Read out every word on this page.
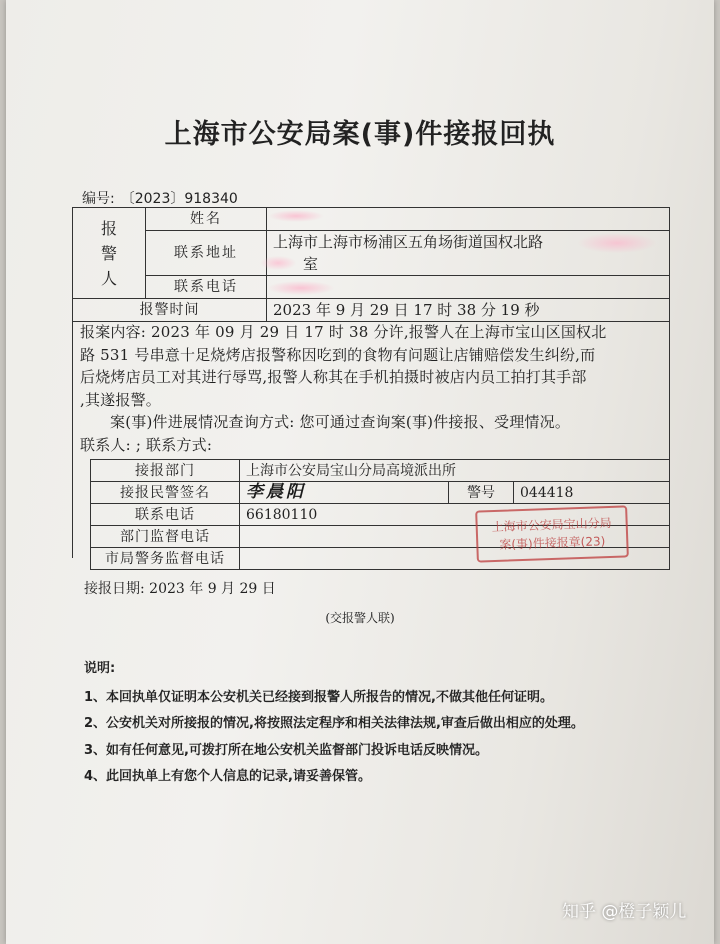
上海市公安局案(事)件接报回执
编号: 〔2023〕918340
报
警
人	姓名	
	联系地址	上海市上海市杨浦区五角场街道国权北路
		室
	联系电话	
报警时间		2023 年 9 月 29 日 17 时 38 分 19 秒

报案内容: 2023 年 09 月 29 日 17 时 38 分许,报警人在上海市宝山区国权北
路 531 号串意十足烧烤店报警称因吃到的食物有问题让店铺赔偿发生纠纷,而
后烧烤店员工对其进行辱骂,报警人称其在手机拍摄时被店内员工拍打其手部
,其遂报警。
案(事)件进展情况查询方式: 您可通过查询案(事)件接报、受理情况。
联系人: ; 联系方式:
接报部门	上海市公安局宝山分局高境派出所		
接报民警签名	李晨阳	警号	044418
联系电话	66180110		
部门监督电话			
市局警务监督电话			
上海市公安局宝山分局
案(事)件接报章(23)
接报日期: 2023 年 9 月 29 日
(交报警人联)
说明:
1、本回执单仅证明本公安机关已经接到报警人所报告的情况,不做其他任何证明。
2、公安机关对所接报的情况,将按照法定程序和相关法律法规,审查后做出相应的处理。
3、如有任何意见,可拨打所在地公安机关监督部门投诉电话反映情况。
4、此回执单上有您个人信息的记录,请妥善保管。
知乎 @橙子颖儿
